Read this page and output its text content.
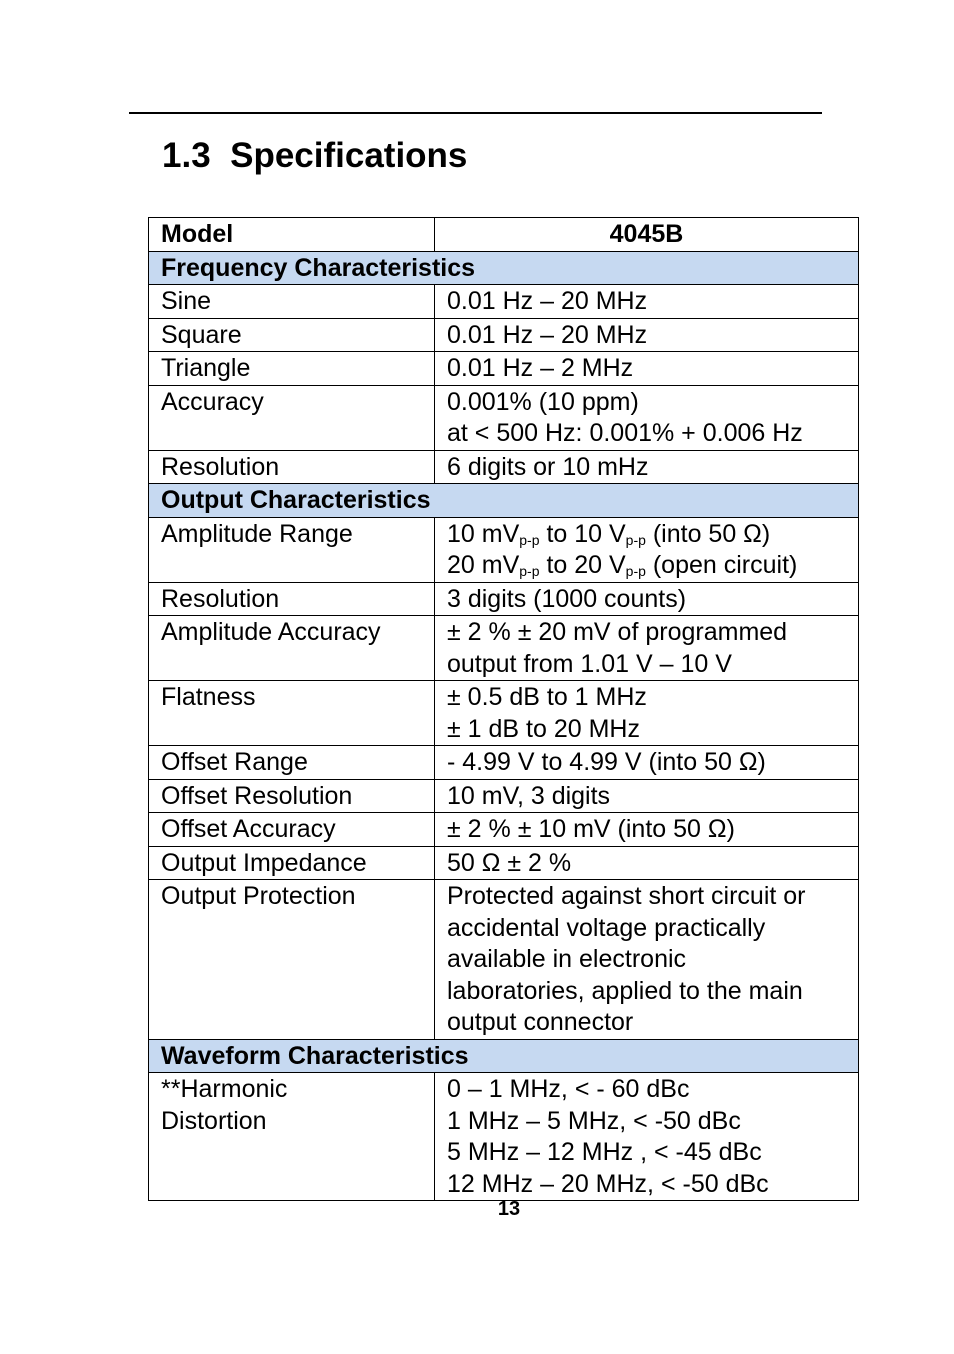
1.3  Specifications
Model	4045B
Frequency Characteristics	
Sine	0.01 Hz – 20 MHz
Square	0.01 Hz – 20 MHz
Triangle	0.01 Hz – 2 MHz
Accuracy	0.001% (10 ppm)
at < 500 Hz: 0.001% + 0.006 Hz

Resolution	6 digits or 10 mHz
Output Characteristics	
Amplitude Range	10 $mV_{p-p}$ to 10 $V_{p-p}$ (into 50 Ω)
20 $mV_{p-p}$ to 20 $V_{p-p}$ (open circuit)

Resolution	3 digits (1000 counts)
Amplitude Accuracy	± 2 % ± 20 mV of programmed
output from 1.01 V – 10 V

Flatness	± 0.5 dB to 1 MHz
± 1 dB to 20 MHz

Offset Range	- 4.99 V to 4.99 V (into 50 Ω)
Offset Resolution	10 mV, 3 digits
Offset Accuracy	± 2 % ± 10 mV (into 50 Ω)
Output Impedance	50 Ω ± 2 %
Output Protection	Protected against short circuit or
accidental voltage practically
available in electronic
laboratories, applied to the main
output connector

Waveform Characteristics	

**Harmonic
Distortion	0 – 1 MHz, < - 60 dBc
1 MHz – 5 MHz, < -50 dBc
5 MHz – 12 MHz , < -45 dBc
12 MHz – 20 MHz, < -50 dBc
13
